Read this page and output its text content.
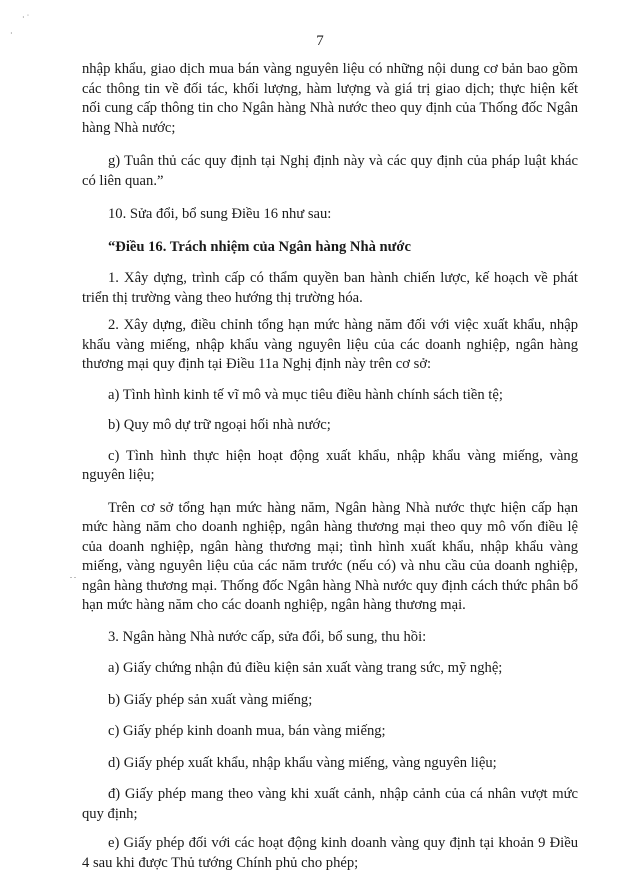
· ˙
·
. .
7

nhập khẩu, giao dịch mua bán vàng nguyên liệu có những nội dung cơ bản bao gồm các thông tin về đối tác, khối lượng, hàm lượng và giá trị giao dịch; thực hiện kết nối cung cấp thông tin cho Ngân hàng Nhà nước theo quy định của Thống đốc Ngân hàng Nhà nước;

g) Tuân thủ các quy định tại Nghị định này và các quy định của pháp luật khác có liên quan.”

10. Sửa đổi, bổ sung Điều 16 như sau:

“Điều 16. Trách nhiệm của Ngân hàng Nhà nước

1. Xây dựng, trình cấp có thẩm quyền ban hành chiến lược, kế hoạch về phát triển thị trường vàng theo hướng thị trường hóa.

2. Xây dựng, điều chỉnh tổng hạn mức hàng năm đối với việc xuất khẩu, nhập khẩu vàng miếng, nhập khẩu vàng nguyên liệu của các doanh nghiệp, ngân hàng thương mại quy định tại Điều 11a Nghị định này trên cơ sở:

a) Tình hình kinh tế vĩ mô và mục tiêu điều hành chính sách tiền tệ;

b) Quy mô dự trữ ngoại hối nhà nước;

c) Tình hình thực hiện hoạt động xuất khẩu, nhập khẩu vàng miếng, vàng nguyên liệu;

Trên cơ sở tổng hạn mức hàng năm, Ngân hàng Nhà nước thực hiện cấp hạn mức hàng năm cho doanh nghiệp, ngân hàng thương mại theo quy mô vốn điều lệ của doanh nghiệp, ngân hàng thương mại; tình hình xuất khẩu, nhập khẩu vàng miếng, vàng nguyên liệu của các năm trước (nếu có) và nhu cầu của doanh nghiệp, ngân hàng thương mại. Thống đốc Ngân hàng Nhà nước quy định cách thức phân bổ hạn mức hàng năm cho các doanh nghiệp, ngân hàng thương mại.

3. Ngân hàng Nhà nước cấp, sửa đổi, bổ sung, thu hồi:

a) Giấy chứng nhận đủ điều kiện sản xuất vàng trang sức, mỹ nghệ;

b) Giấy phép sản xuất vàng miếng;

c) Giấy phép kinh doanh mua, bán vàng miếng;

d) Giấy phép xuất khẩu, nhập khẩu vàng miếng, vàng nguyên liệu;

đ) Giấy phép mang theo vàng khi xuất cảnh, nhập cảnh của cá nhân vượt mức quy định;

e) Giấy phép đối với các hoạt động kinh doanh vàng quy định tại khoản 9 Điều 4 sau khi được Thủ tướng Chính phủ cho phép;
